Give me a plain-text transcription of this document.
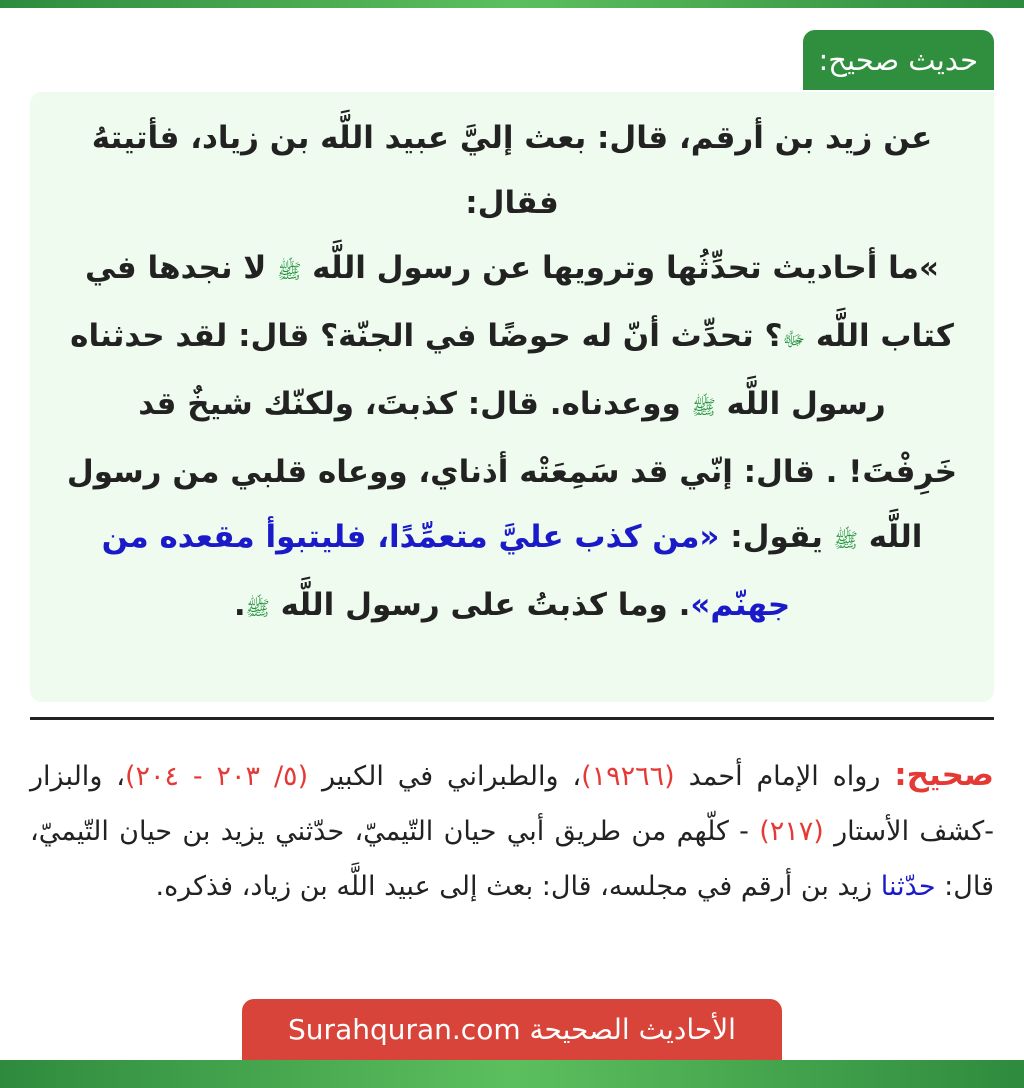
حديث صحيح:

عن زيد بن أرقم، قال: بعث إليَّ عبيد اللَّه بن زياد، فأتيتهُ فقال:
»ما أحاديث تحدِّثُها وترويها عن رسول اللَّه ﷺ لا نجدها في كتاب اللَّه ﷻ؟ تحدِّث أنّ له حوضًا في الجنّة؟ قال: لقد حدثناه رسول اللَّه ﷺ ووعدناه. قال: كذبتَ، ولكنّك شيخٌ قد
خَرِفْتَ! . قال: إنّي قد سَمِعَتْه أذناي، ووعاه قلبي من رسول اللَّه ﷺ يقول: «من كذب عليَّ متعمِّدًا، فليتبوأ مقعده من جهنّم». وما كذبتُ على رسول اللَّه ﷺ.

صحيح: رواه الإمام أحمد (١٩٢٦٦)، والطبراني في الكبير (٥/ ٢٠٣ - ٢٠٤)، والبزار -كشف الأستار (٢١٧) - كلّهم من طريق أبي حيان التّيميّ، حدّثني يزيد بن حيان التّيميّ، قال: حدّثنا زيد بن أرقم في مجلسه، قال: بعث إلى عبيد اللَّه بن زياد، فذكره.
الأحاديث الصحيحة Surahquran.com
